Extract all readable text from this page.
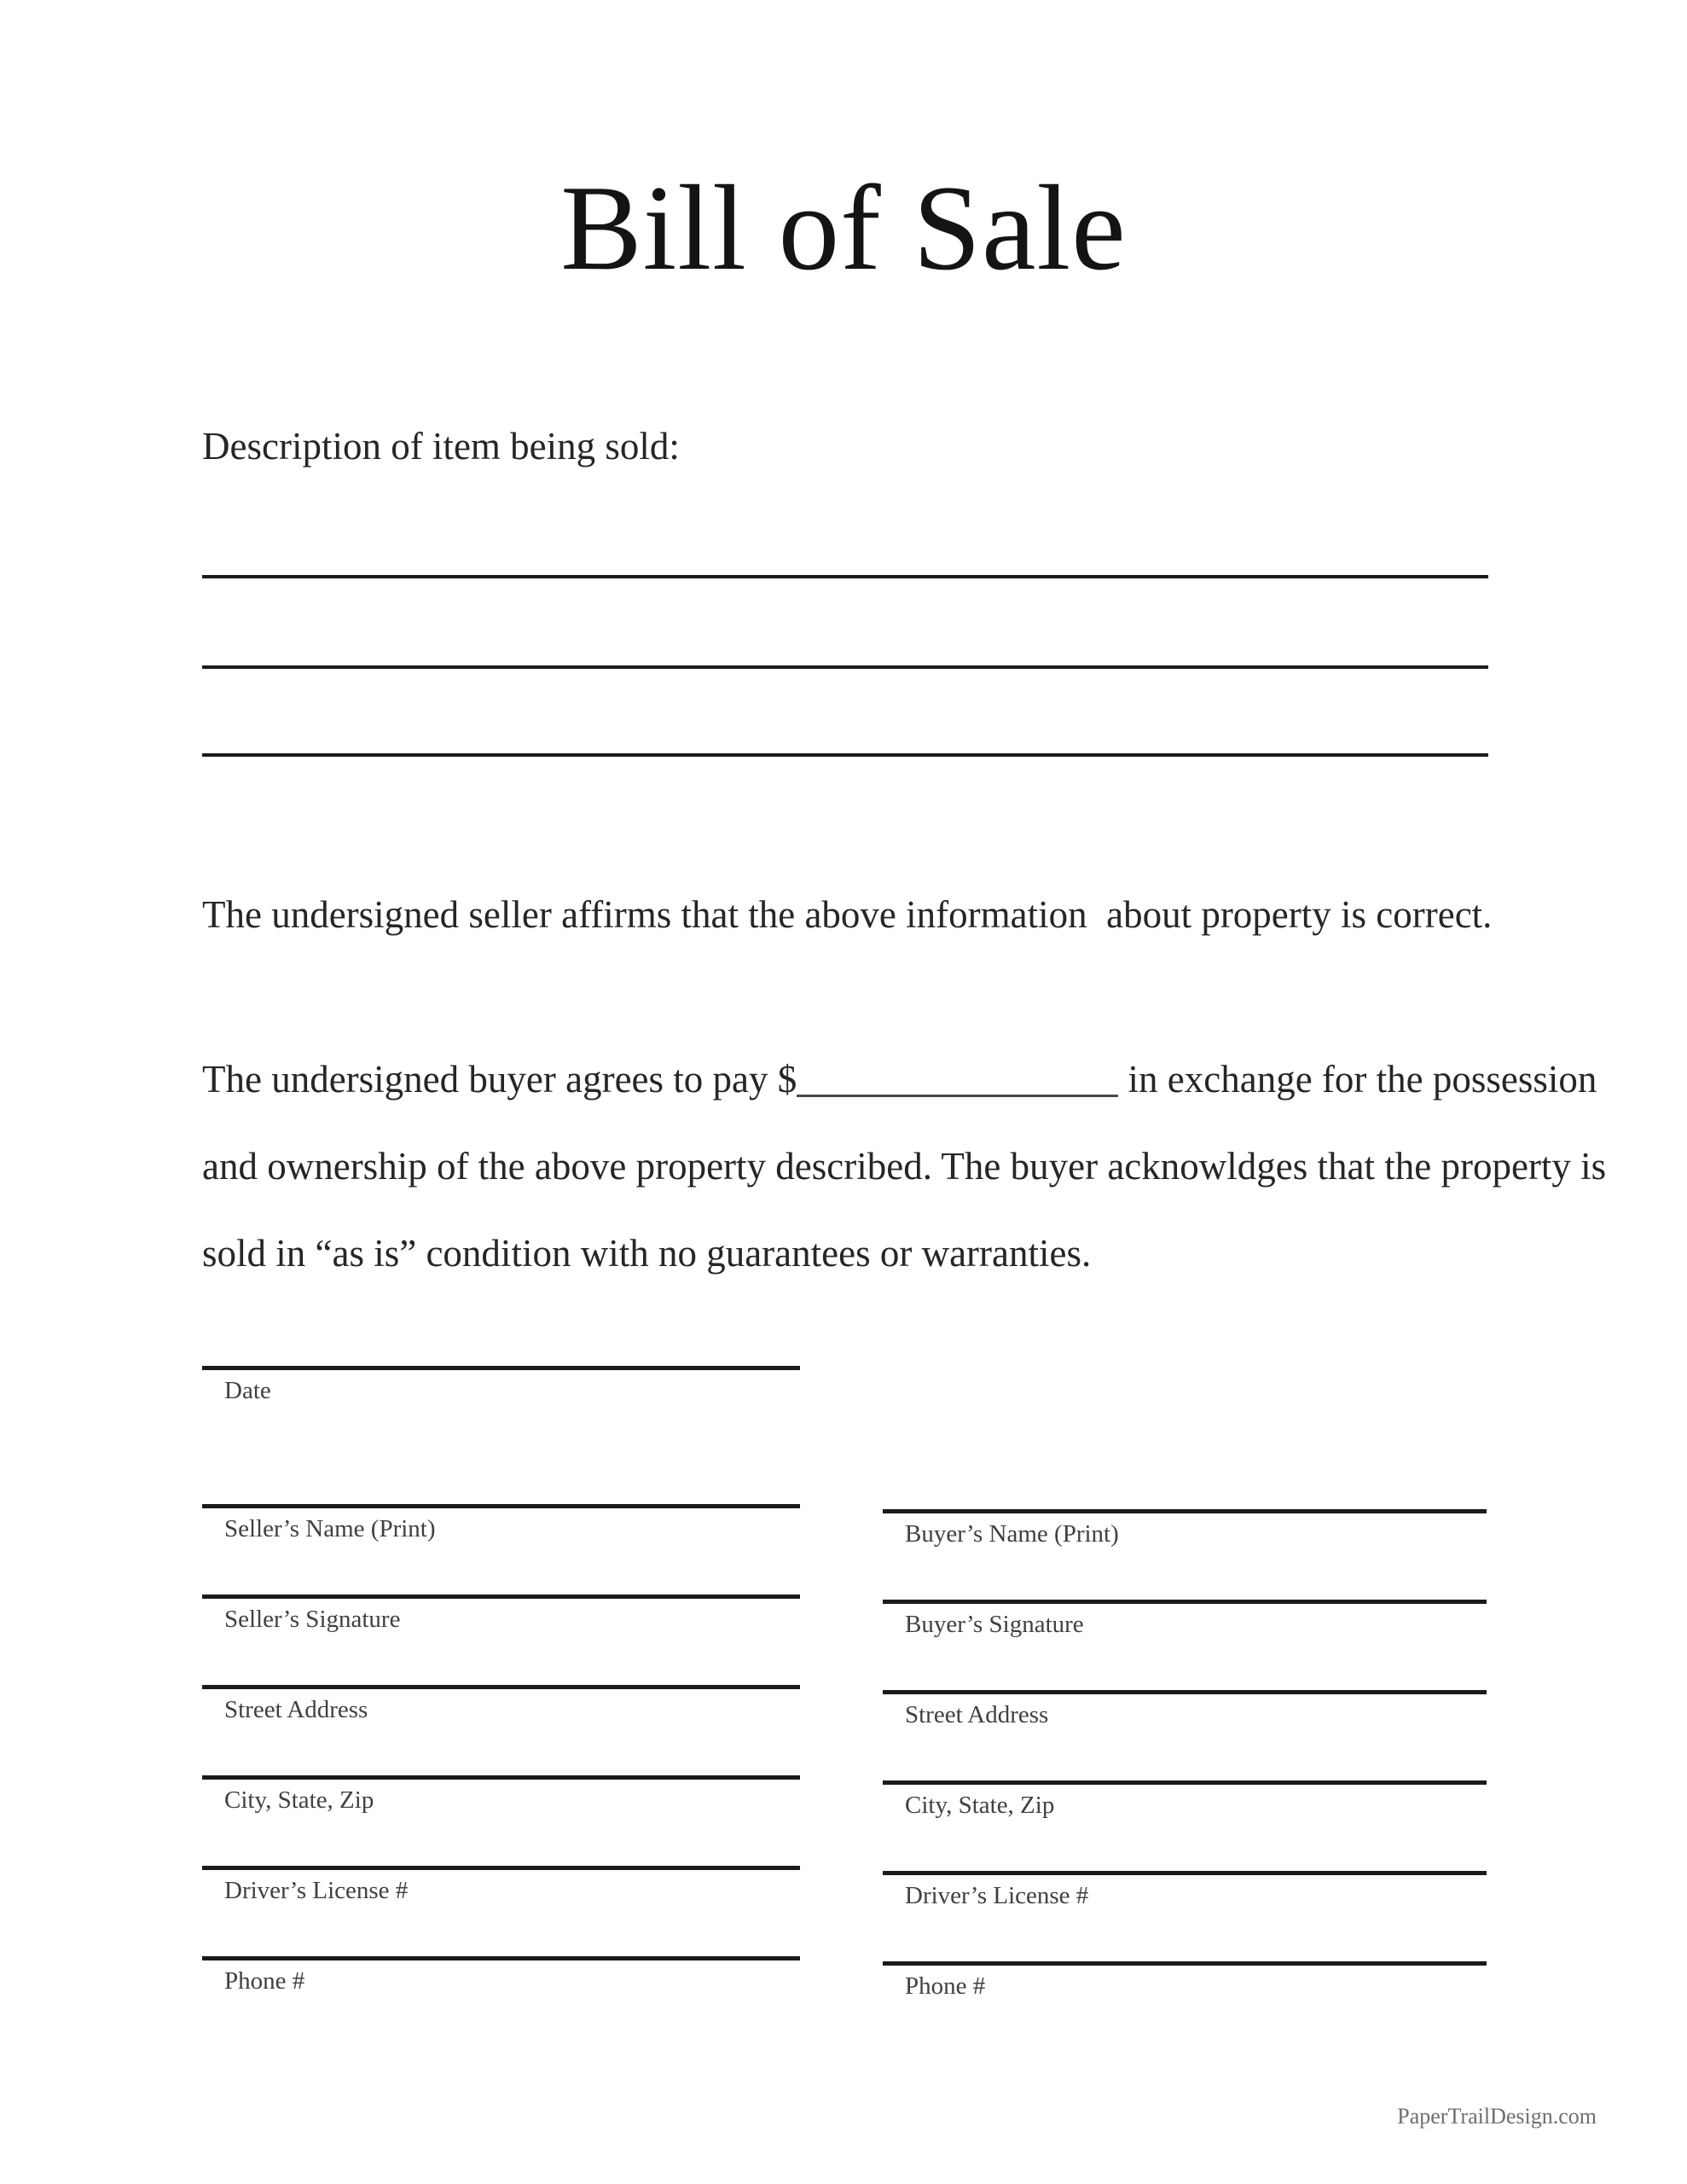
Bill of Sale
Description of item being sold:

The undersigned seller affirms that the above information  about property is correct.

The undersigned buyer agrees to pay $	in exchange for the possession
and ownership of the above property described. The buyer acknowldges that the property is
sold in “as is” condition with no guarantees or warranties.
Date
Seller’s Name (Print)
Seller’s Signature
Street Address
City, State, Zip
Driver’s License #
Phone #
Buyer’s Name (Print)
Buyer’s Signature
Street Address
City, State, Zip
Driver’s License #
Phone #
PaperTrailDesign.com
